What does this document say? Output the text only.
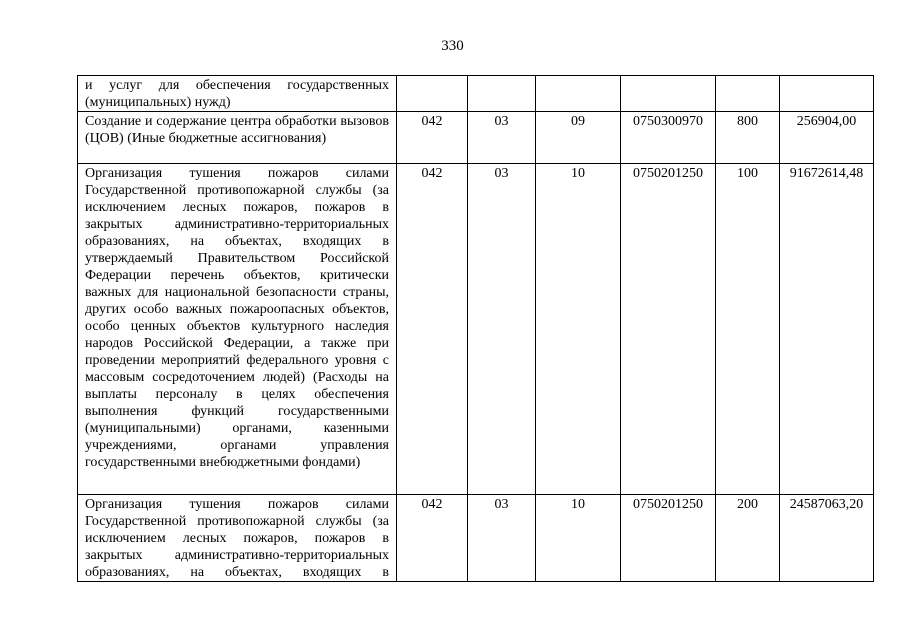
330
и услуг для обеспечения государственных (муниципальных) нужд)						
Создание и содержание центра обработки вызовов (ЦОВ) (Иные бюджетные ассигнования)	042	03	09	0750300970	800	256904,00
Организация тушения пожаров силами Государственной противопожарной службы (за исключением лесных пожаров, пожаров в закрытых административно-территориальных образованиях, на объектах, входящих в утверждаемый Правительством Российской Федерации перечень объектов, критически важных для национальной безопасности страны, других особо важных пожароопасных объектов, особо ценных объектов культурного наследия народов Российской Федерации, а также при проведении мероприятий федерального уровня с массовым сосредоточением людей) (Расходы на выплаты персоналу в целях обеспечения выполнения функций государственными (муниципальными) органами, казенными учреждениями, органами управления государственными внебюджетными фондами)	042	03	10	0750201250	100	91672614,48
Организация тушения пожаров силами Государственной противопожарной службы (за исключением лесных пожаров, пожаров в закрытых административно-территориальных образованиях, на объектах, входящих в	042	03	10	0750201250	200	24587063,20
